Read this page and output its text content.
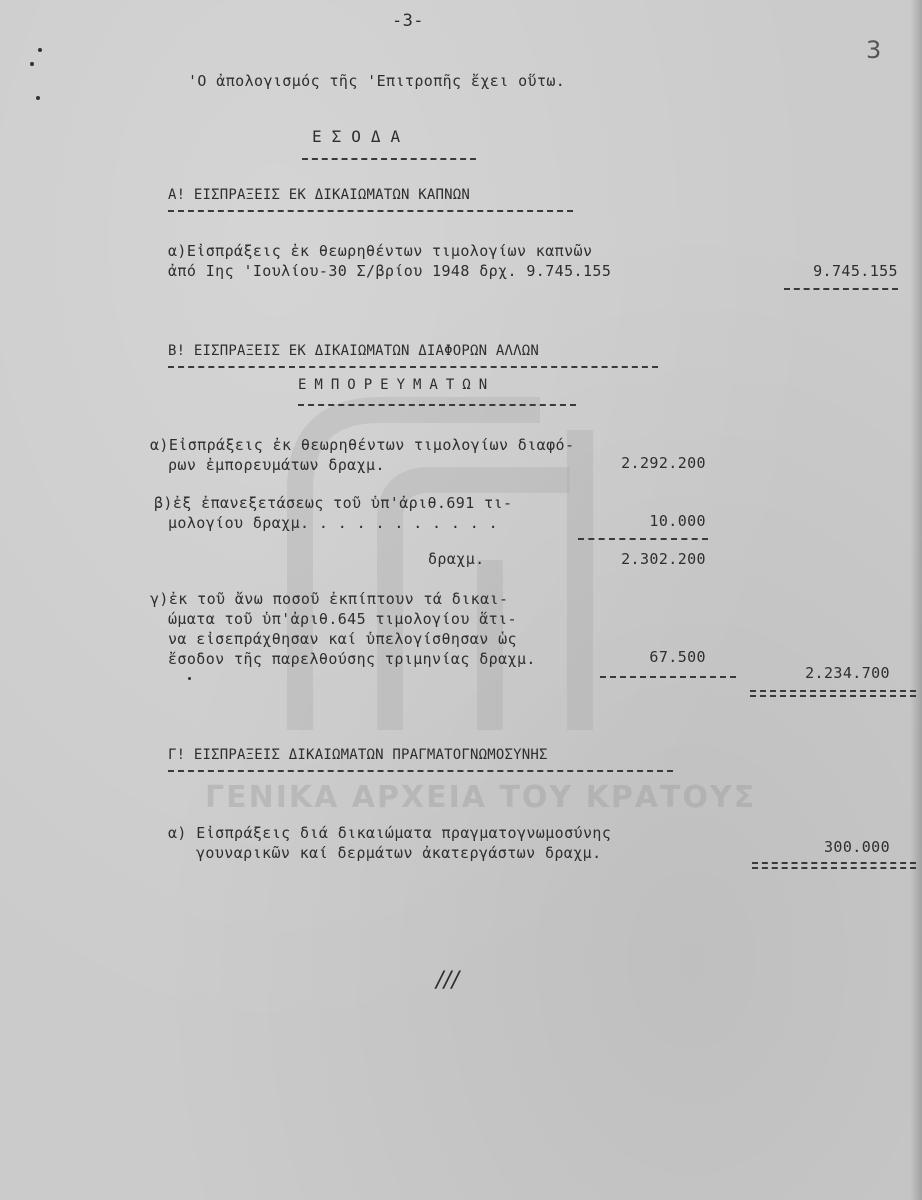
ΓΕΝΙΚΑ ΑΡΧΕΙΑ ΤΟΥ ΚΡΑΤΟΥΣ
-3-
3
'Ο ἀπολογισμός τῆς 'Επιτροπῆς ἔχει οὕτω.
ΕΣΟΔΑ
Α! ΕΙΣΠΡΑΞΕΙΣ ΕΚ ΔΙΚΑΙΩΜΑΤΩΝ ΚΑΠΝΩΝ
α)Εἰσπράξεις ἐκ θεωρηθέντων τιμολογίων καπνῶν
ἀπό Ιης 'Ιουλίου-30 Σ/βρίου 1948 δρχ. 9.745.155	9.745.155
Β! ΕΙΣΠΡΑΞΕΙΣ ΕΚ ΔΙΚΑΙΩΜΑΤΩΝ ΔΙΑΦΟΡΩΝ ΑΛΛΩΝ
ΕΜΠΟΡΕΥΜΑΤΩΝ
α)Εἰσπράξεις ἐκ θεωρηθέντων τιμολογίων διαφό-
ρων ἐμπορευμάτων δραχμ.	2.292.200
β)ἐξ ἐπανεξετάσεως τοῦ ὑπ'ἀριθ.691 τι-
μολογίου δραχμ. . . . . . . . . . .	10.000
δραχμ.	2.302.200
γ)ἐκ τοῦ ἄνω ποσοῦ ἐκπίπτουν τά δικαι-
ώματα τοῦ ὑπ'ἀριθ.645 τιμολογίου ἅτι-
να εἰσεπράχθησαν καί ὑπελογίσθησαν ὡς
ἔσοδον τῆς παρελθούσης τριμηνίας δραχμ.	67.500
2.234.700
Γ! ΕΙΣΠΡΑΞΕΙΣ ΔΙΚΑΙΩΜΑΤΩΝ ΠΡΑΓΜΑΤΟΓΝΩΜΟΣΥΝΗΣ
α) Εἰσπράξεις διά δικαιώματα πραγματογνωμοσύνης
γουναρικῶν καί δερμάτων ἀκατεργάστων δραχμ.	300.000
///
